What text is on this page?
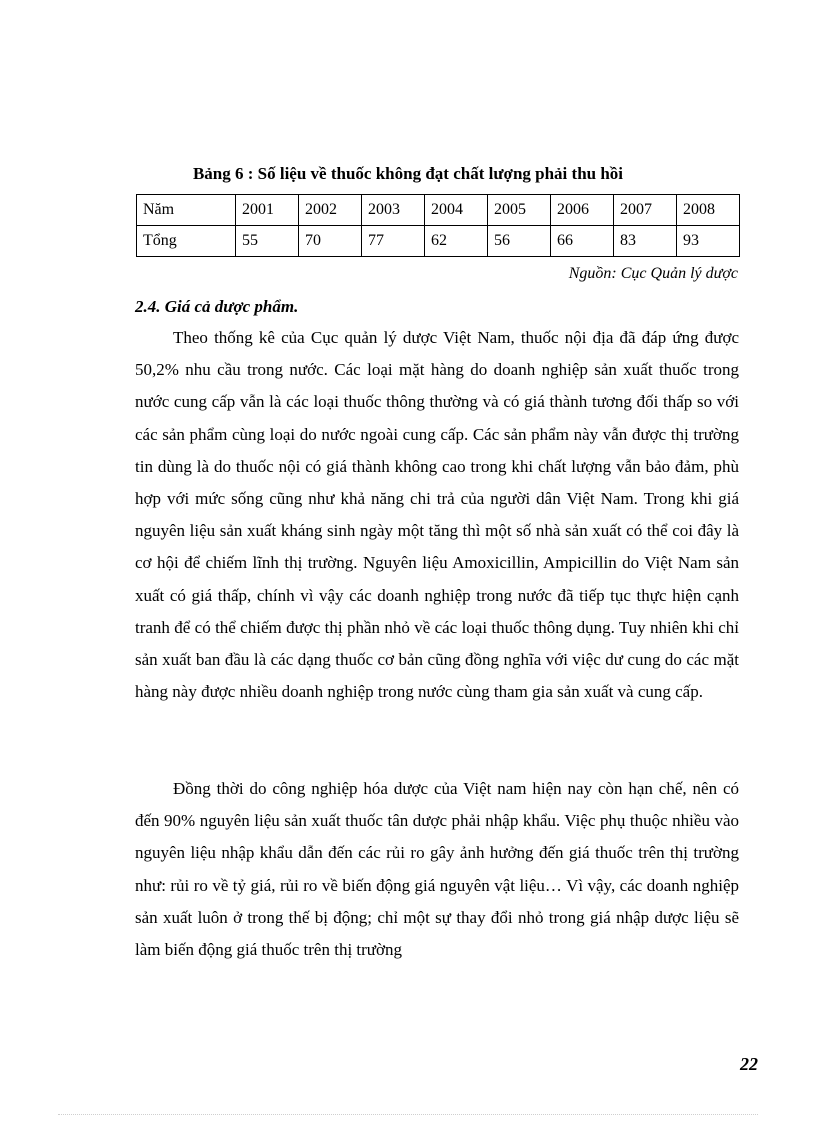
Bảng 6 : Số liệu về thuốc không đạt chất lượng phải thu hồi
Năm	2001	2002	2003	2004	2005	2006	2007	2008
Tổng	55	70	77	62	56	66	83	93
Nguồn: Cục Quản lý dược
2.4. Giá cả dược phẩm.

Theo thống kê của Cục quản lý dược Việt Nam, thuốc nội địa đã đáp ứng được 50,2% nhu cầu trong nước. Các loại mặt hàng do doanh nghiệp sản xuất thuốc trong nước cung cấp vẫn là các loại thuốc thông thường và có giá thành tương đối thấp so với các sản phẩm cùng loại do nước ngoài cung cấp. Các sản phẩm này vẫn được thị trường tin dùng là do thuốc nội có giá thành không cao trong khi chất lượng vẫn bảo đảm, phù hợp với mức sống cũng như khả năng chi trả của người dân Việt Nam. Trong khi giá nguyên liệu sản xuất kháng sinh ngày một tăng thì một số nhà sản xuất có thể coi đây là cơ hội để chiếm lĩnh thị trường. Nguyên liệu Amoxicillin, Ampicillin do Việt Nam sản xuất có giá thấp, chính vì vậy các doanh nghiệp trong nước đã tiếp tục thực hiện cạnh tranh để có thể chiếm được thị phần nhỏ về các loại thuốc thông dụng. Tuy nhiên khi chỉ sản xuất ban đầu là các dạng thuốc cơ bản cũng đồng nghĩa với việc dư cung do các mặt hàng này được nhiều doanh nghiệp trong nước cùng tham gia sản xuất và cung cấp.

Đồng thời do công nghiệp hóa dược của Việt nam hiện nay còn hạn chế, nên có đến 90% nguyên liệu sản xuất thuốc tân dược phải nhập khẩu. Việc phụ thuộc nhiều vào nguyên liệu nhập khẩu dẫn đến các rủi ro gây ảnh hưởng đến giá thuốc trên thị trường như: rủi ro về tỷ giá, rủi ro về biến động giá nguyên vật liệu… Vì vậy, các doanh nghiệp sản xuất luôn ở trong thế bị động; chỉ một sự thay đổi nhỏ trong giá nhập dược liệu sẽ làm biến động giá thuốc trên thị trường

22
